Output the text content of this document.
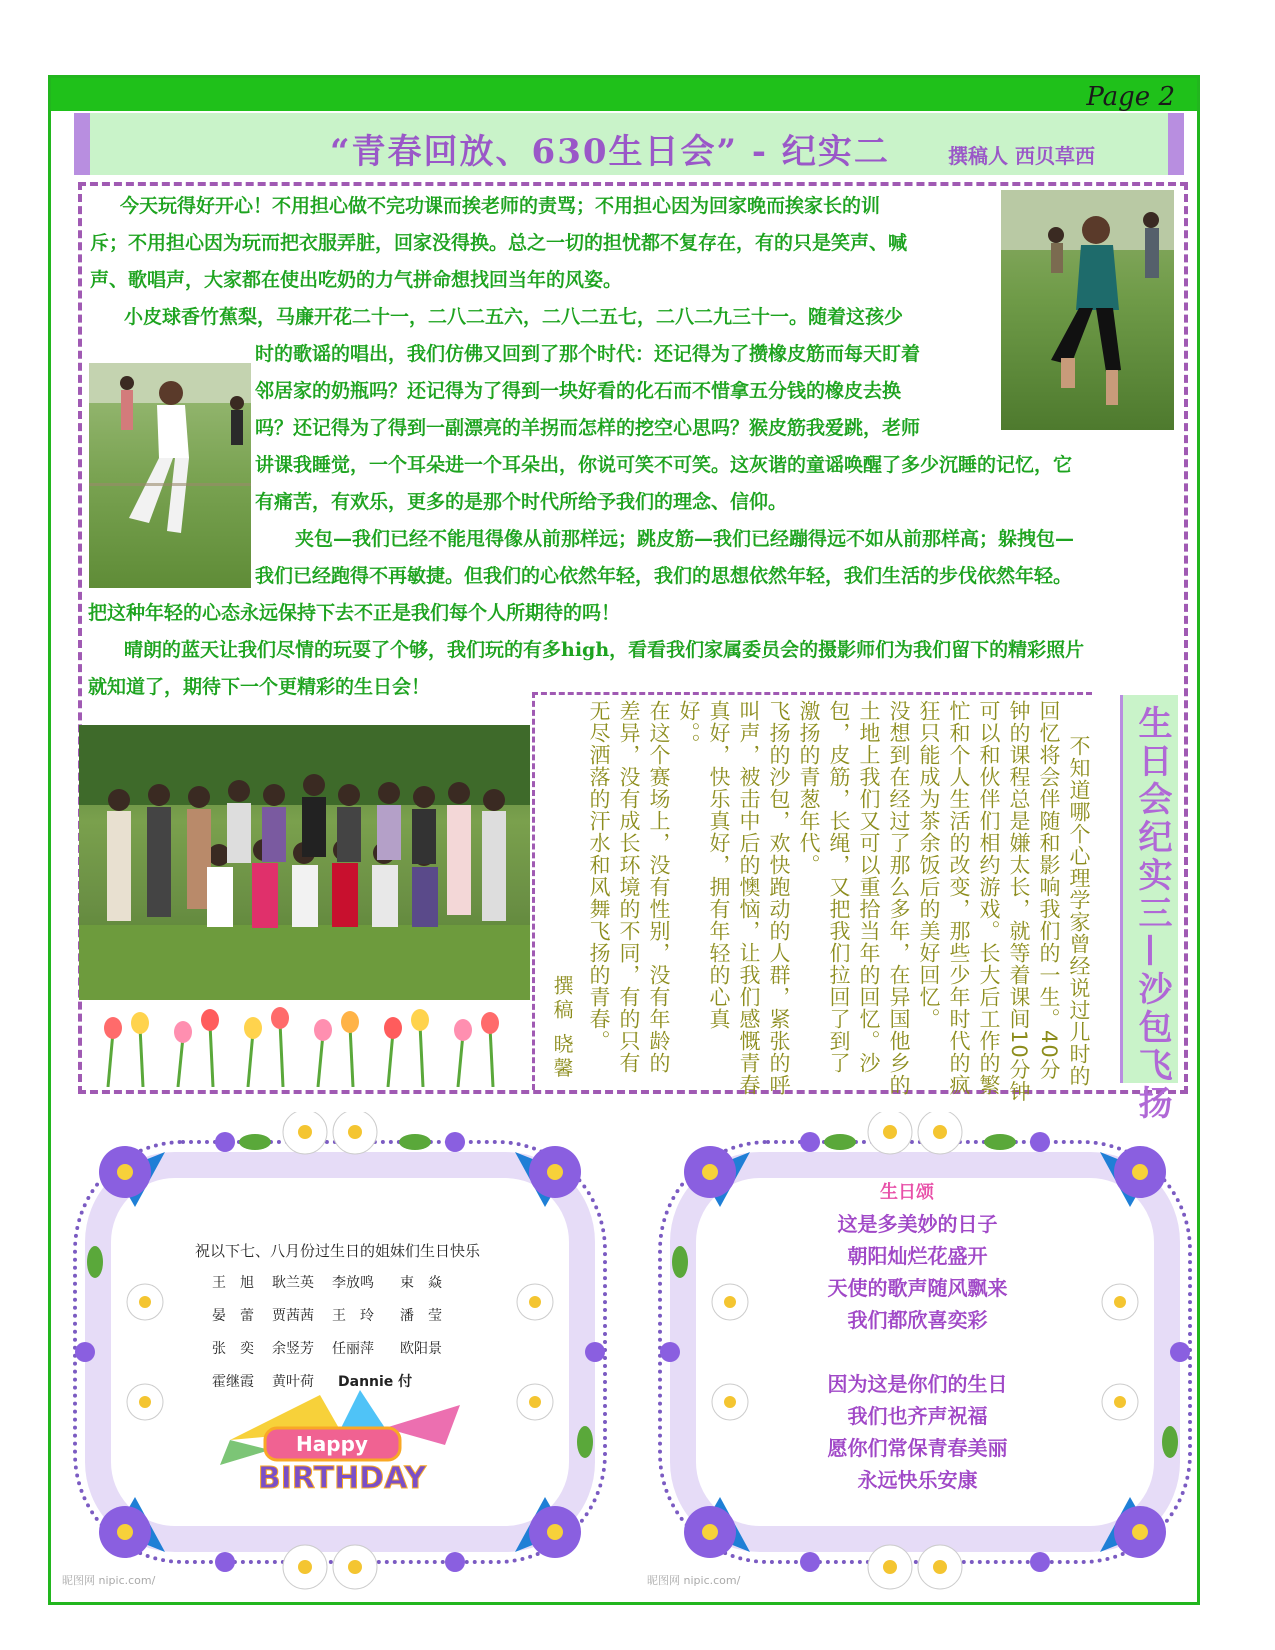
Page 2
“青春回放、630生日会” - 纪实二	撰稿人 西贝草西
今天玩得好开心！不用担心做不完功课而挨老师的责骂；不用担心因为回家晚而挨家长的训
斥；不用担心因为玩而把衣服弄脏，回家没得换。总之一切的担忧都不复存在，有的只是笑声、喊
声、歌唱声，大家都在使出吃奶的力气拼命想找回当年的风姿。
小皮球香竹蕉梨，马廉开花二十一，二八二五六，二八二五七，二八二九三十一。随着这孩少
时的歌谣的唱出，我们仿佛又回到了那个时代：还记得为了攒橡皮筋而每天盯着
邻居家的奶瓶吗？还记得为了得到一块好看的化石而不惜拿五分钱的橡皮去换
吗？还记得为了得到一副漂亮的羊拐而怎样的挖空心思吗？猴皮筋我爱跳，老师
讲课我睡觉，一个耳朵进一个耳朵出，你说可笑不可笑。这灰谐的童谣唤醒了多少沉睡的记忆，它
有痛苦，有欢乐，更多的是那个时代所给予我们的理念、信仰。
夹包—我们已经不能甩得像从前那样远；跳皮筋—我们已经蹦得远不如从前那样高；躲拽包—
我们已经跑得不再敏捷。但我们的心依然年轻，我们的思想依然年轻，我们生活的步伐依然年轻。
把这种年轻的心态永远保持下去不正是我们每个人所期待的吗！
晴朗的蓝天让我们尽情的玩耍了个够，我们玩的有多high，看看我们家属委员会的摄影师们为我们留下的精彩照片
就知道了，期待下一个更精彩的生日会！
生日会纪实三—沙包飞扬
不知道哪个心理学家曾经说过儿时的
回忆将会伴随和影响我们的一生。40分
钟的课程总是嫌太长，就等着课间10分钟
可以和伙伴们相约游戏。长大后工作的繁
忙和个人生活的改变，那些少年时代的疯
狂只能成为茶余饭后的美好回忆。
没想到在经过了那么多年，在异国他乡的
土地上我们又可以重拾当年的回忆。沙
包，皮筋，长绳，又把我们拉回了到了
激扬的青葱年代。
飞扬的沙包，欢快跑动的人群，紧张的呼
叫声，被击中后的懊恼，让我们感慨青春
真好，快乐真好，拥有年轻的心真
好。。
在这个赛场上，没有性别，没有年龄的
差异，没有成长环境的不同，有的只有
无尽洒落的汗水和风舞飞扬的青春。
撰稿 晓馨
祝以下七、八月份过生日的姐妹们生日快乐
王　旭 耿兰英 李放鸣 束　焱
晏　蕾 贾茜茜 王　玲 潘　莹
张　奕 余竖芳 任丽萍 欧阳景
霍继霞 黄叶荷 Dannie 付
Happy
BIRTHDAY
昵图网 nipic.com/
生日颂
这是多美妙的日子
朝阳灿烂花盛开
天使的歌声随风飘来
我们都欣喜奕彩
因为这是你们的生日
我们也齐声祝福
愿你们常保青春美丽
永远快乐安康
昵图网 nipic.com/
